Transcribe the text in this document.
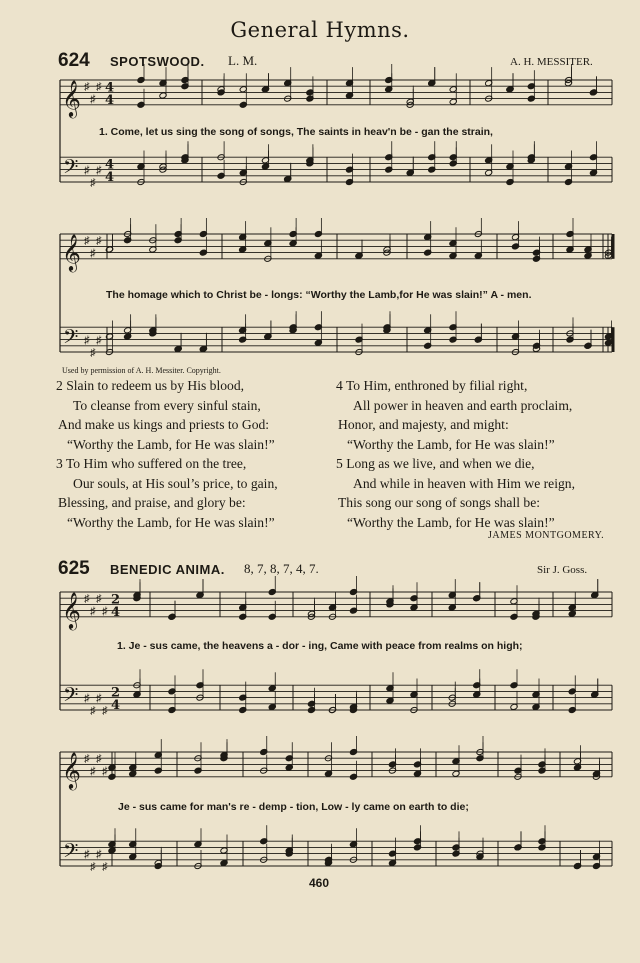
General Hymns.
624 SPOTSWOOD. L. M.	A. H. MESSITER.
𝄞
𝄢
♯
♯
♯
♯
♯
♯
4
4
4
4
1. Come, let us sing the song of songs, The saints in heav'n be - gan the strain,
𝄞
𝄢
♯
♯
♯
♯
♯
♯
The homage which to Christ be - longs: “Worthy the Lamb,for He was slain!” A - men.
Used by permission of A. H. Messiter. Copyright.
2 Slain to redeem us by His blood,
To cleanse from every sinful stain,
And make us kings and priests to God:
“Worthy the Lamb, for He was slain!”
3 To Him who suffered on the tree,
Our souls, at His soul’s price, to gain,
Blessing, and praise, and glory be:
“Worthy the Lamb, for He was slain!”
4 To Him, enthroned by filial right,
All power in heaven and earth proclaim,
Honor, and majesty, and might:
“Worthy the Lamb, for He was slain!”
5 Long as we live, and when we die,
And while in heaven with Him we reign,
This song our song of songs shall be:
“Worthy the Lamb, for He was slain!”
JAMES MONTGOMERY.
625 BENEDIC ANIMA. 8, 7, 8, 7, 4, 7.	Sir J. Goss.
𝄞
𝄢
♯
♯
♯
♯
♯
♯
♯
♯
2
4
2
4
1. Je - sus came, the heavens a - dor - ing, Came with peace from realms on high;
𝄞
𝄢
♯
♯
♯
♯
♯
♯
♯
♯
Je - sus came for man's re - demp - tion, Low - ly came on earth to die;
460
